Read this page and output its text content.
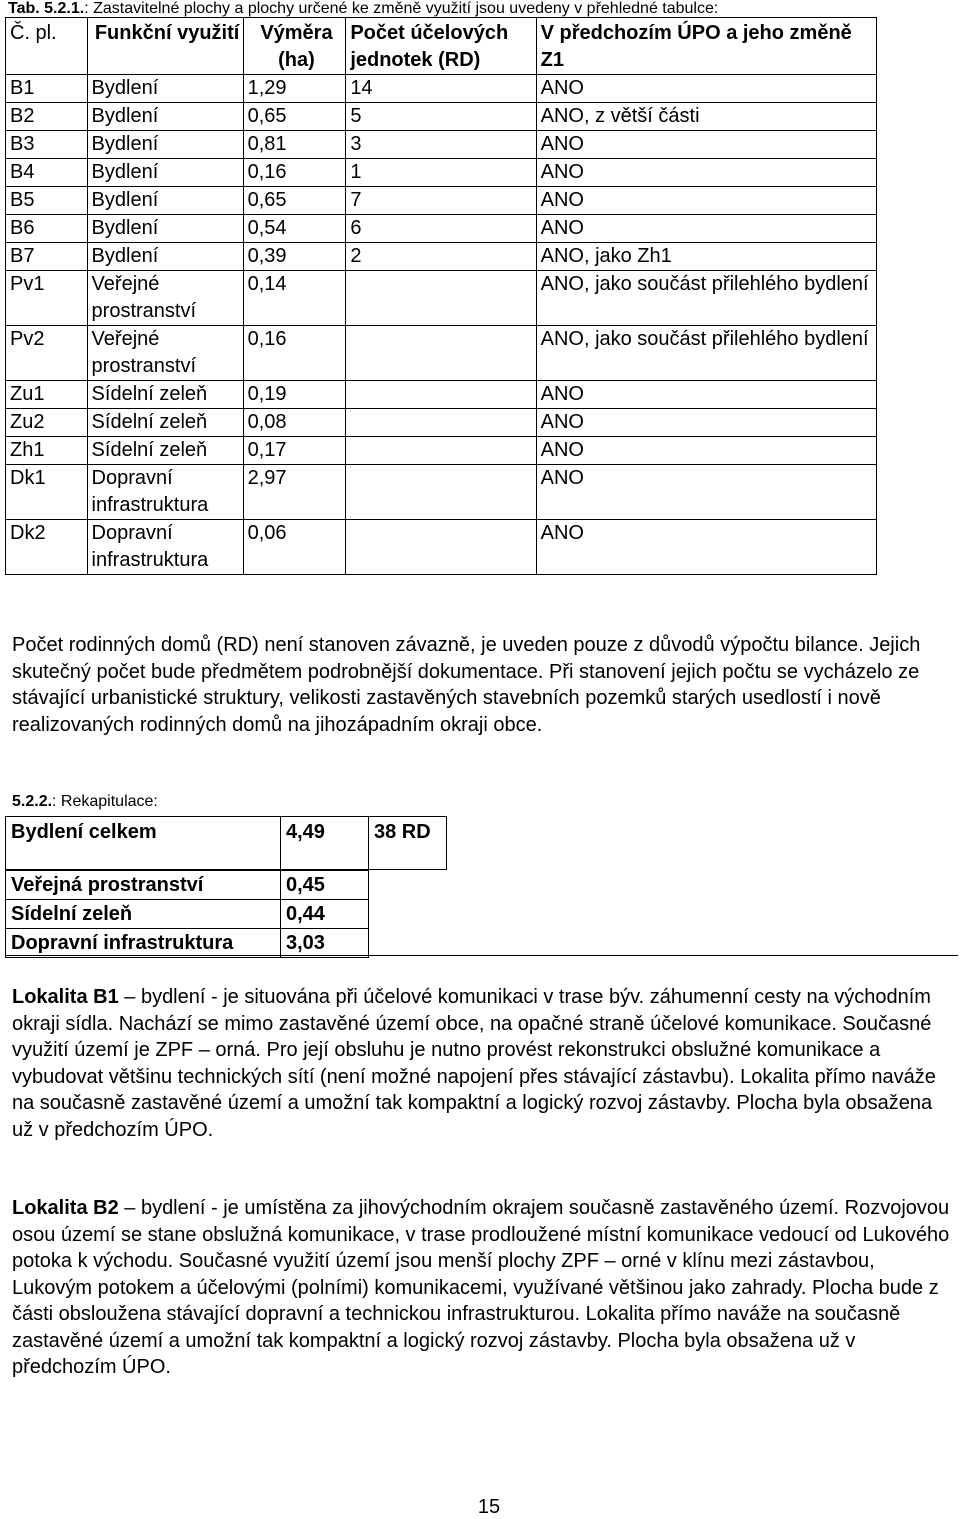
Tab. 5.2.1.: Zastavitelné plochy a plochy určené ke změně využití jsou uvedeny v přehledné tabulce:
Č. pl.	Funkční využití	Výměra (ha)	Počet účelových jednotek (RD)	V předchozím ÚPO a jeho změně Z1
B1	Bydlení	1,29	14	ANO
B2	Bydlení	0,65	5	ANO, z větší části
B3	Bydlení	0,81	3	ANO
B4	Bydlení	0,16	1	ANO
B5	Bydlení	0,65	7	ANO
B6	Bydlení	0,54	6	ANO
B7	Bydlení	0,39	2	ANO, jako Zh1
Pv1	Veřejné prostranství	0,14		ANO, jako součást přilehlého bydlení
Pv2	Veřejné prostranství	0,16		ANO, jako součást přilehlého bydlení
Zu1	Sídelní zeleň	0,19		ANO
Zu2	Sídelní zeleň	0,08		ANO
Zh1	Sídelní zeleň	0,17		ANO
Dk1	Dopravní infrastruktura	2,97		ANO
Dk2	Dopravní infrastruktura	0,06		ANO
Počet rodinných domů (RD) není stanoven závazně, je uveden pouze z důvodů výpočtu bilance. Jejich skutečný počet bude předmětem podrobnější dokumentace. Při stanovení jejich počtu se vycházelo ze stávající urbanistické struktury, velikosti zastavěných stavebních pozemků starých usedlostí i nově realizovaných rodinných domů na jihozápadním okraji obce.
5.2.2.: Rekapitulace:
Bydlení celkem	4,49	38 RD
Veřejná prostranství	0,45
Sídelní zeleň	0,44
Dopravní infrastruktura	3,03
Lokalita B1 – bydlení - je situována při účelové komunikaci v trase býv. záhumenní cesty na východním okraji sídla. Nachází se mimo zastavěné území obce, na opačné straně účelové komunikace. Současné využití území je ZPF – orná. Pro její obsluhu je nutno provést rekonstrukci obslužné komunikace a vybudovat většinu technických sítí (není možné napojení přes stávající zástavbu). Lokalita přímo naváže na současně zastavěné území a umožní tak kompaktní a logický rozvoj zástavby. Plocha byla obsažena už v předchozím ÚPO.
Lokalita B2 – bydlení - je umístěna za jihovýchodním okrajem současně zastavěného území. Rozvojovou osou území se stane obslužná komunikace, v trase prodloužené místní komunikace vedoucí od Lukového potoka k východu. Současné využití území jsou menší plochy ZPF – orné v klínu mezi zástavbou, Lukovým potokem a účelovými (polními) komunikacemi, využívané většinou jako zahrady. Plocha bude z části obsloužena stávající dopravní a technickou infrastrukturou. Lokalita přímo naváže na současně zastavěné území a umožní tak kompaktní a logický rozvoj zástavby. Plocha byla obsažena už v předchozím ÚPO.
15
